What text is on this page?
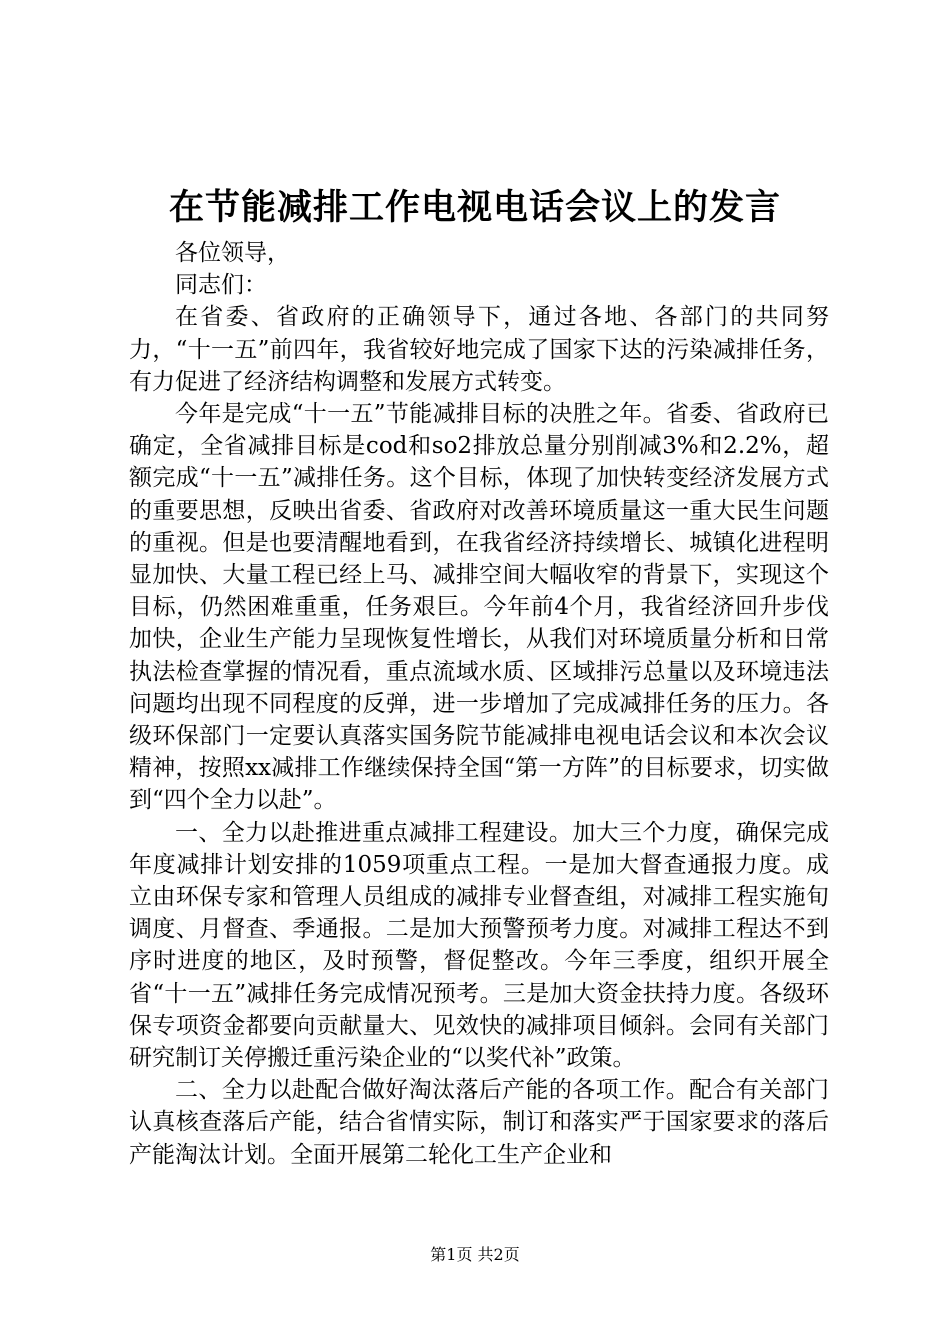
在节能减排工作电视电话会议上的发言

各位领导，

同志们：

在省委、省政府的正确领导下，通过各地、各部门的共同努力，“十一五”前四年，我省较好地完成了国家下达的污染减排任务，有力促进了经济结构调整和发展方式转变。

今年是完成“十一五”节能减排目标的决胜之年。省委、省政府已确定，全省减排目标是cod和so2排放总量分别削减3%和2.2%，超额完成“十一五”减排任务。这个目标，体现了加快转变经济发展方式的重要思想，反映出省委、省政府对改善环境质量这一重大民生问题的重视。但是也要清醒地看到，在我省经济持续增长、城镇化进程明显加快、大量工程已经上马、减排空间大幅收窄的背景下，实现这个目标，仍然困难重重，任务艰巨。今年前4个月，我省经济回升步伐加快，企业生产能力呈现恢复性增长，从我们对环境质量分析和日常执法检查掌握的情况看，重点流域水质、区域排污总量以及环境违法问题均出现不同程度的反弹，进一步增加了完成减排任务的压力。各级环保部门一定要认真落实国务院节能减排电视电话会议和本次会议精神，按照xx减排工作继续保持全国“第一方阵”的目标要求，切实做到“四个全力以赴”。

一、全力以赴推进重点减排工程建设。加大三个力度，确保完成年度减排计划安排的1059项重点工程。一是加大督查通报力度。成立由环保专家和管理人员组成的减排专业督查组，对减排工程实施旬调度、月督查、季通报。二是加大预警预考力度。对减排工程达不到序时进度的地区，及时预警，督促整改。今年三季度，组织开展全省“十一五”减排任务完成情况预考。三是加大资金扶持力度。各级环保专项资金都要向贡献量大、见效快的减排项目倾斜。会同有关部门研究制订关停搬迁重污染企业的“以奖代补”政策。

二、全力以赴配合做好淘汰落后产能的各项工作。配合有关部门认真核查落后产能，结合省情实际，制订和落实严于国家要求的落后产能淘汰计划。全面开展第二轮化工生产企业和

第1页 共2页
